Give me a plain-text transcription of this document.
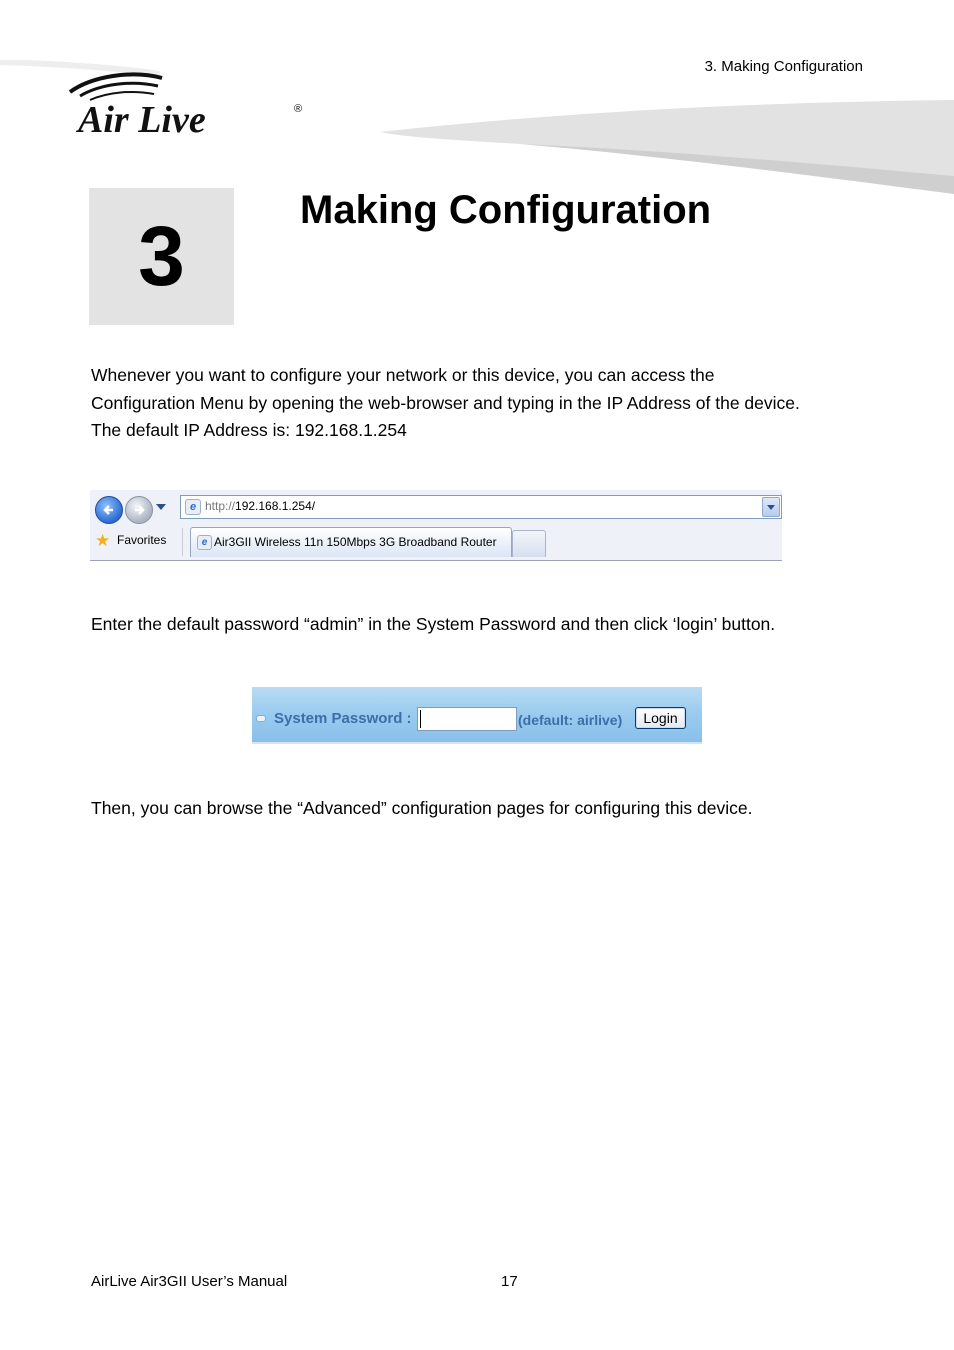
Air Live	®
3. Making Configuration
3	Making Configuration
Whenever you want to configure your network or this device, you can access the
Configuration Menu by opening the web-browser and typing in the IP Address of the device.
The default IP Address is: 192.168.1.254
e http://192.168.1.254/
★ Favorites	e Air3GII Wireless 11n 150Mbps 3G Broadband Router
Enter the default password “admin” in the System Password and then click ‘login’ button.
System Password :	(default: airlive)	Login
Then, you can browse the “Advanced” configuration pages for configuring this device.
AirLive Air3GII User’s Manual	17
